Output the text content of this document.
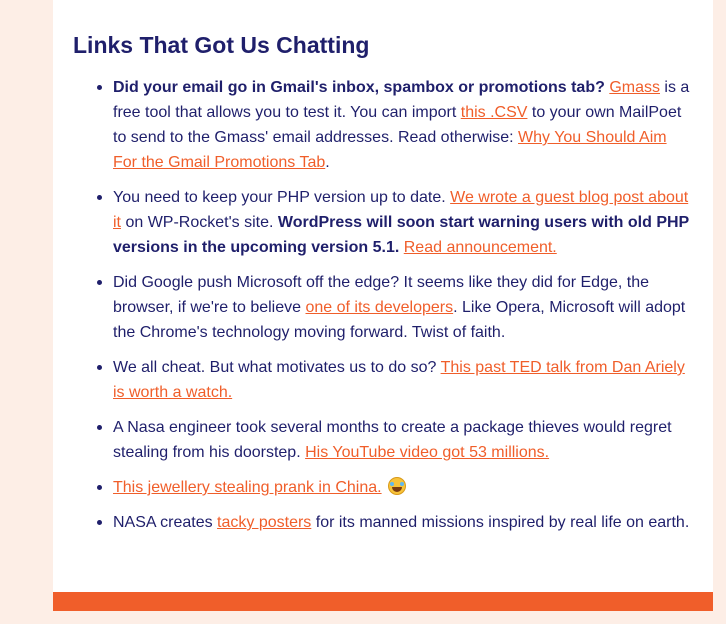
Links That Got Us Chatting
Did your email go in Gmail's inbox, spambox or promotions tab? Gmass is a free tool that allows you to test it. You can import this .CSV to your own MailPoet to send to the Gmass' email addresses. Read otherwise: Why You Should Aim For the Gmail Promotions Tab.
You need to keep your PHP version up to date. We wrote a guest blog post about it on WP-Rocket's site. WordPress will soon start warning users with old PHP versions in the upcoming version 5.1. Read announcement.
Did Google push Microsoft off the edge? It seems like they did for Edge, the browser, if we're to believe one of its developers. Like Opera, Microsoft will adopt the Chrome's technology moving forward. Twist of faith.
We all cheat. But what motivates us to do so? This past TED talk from Dan Ariely is worth a watch.
A Nasa engineer took several months to create a package thieves would regret stealing from his doorstep. His YouTube video got 53 millions.
This jewellery stealing prank in China.
NASA creates tacky posters for its manned missions inspired by real life on earth.
